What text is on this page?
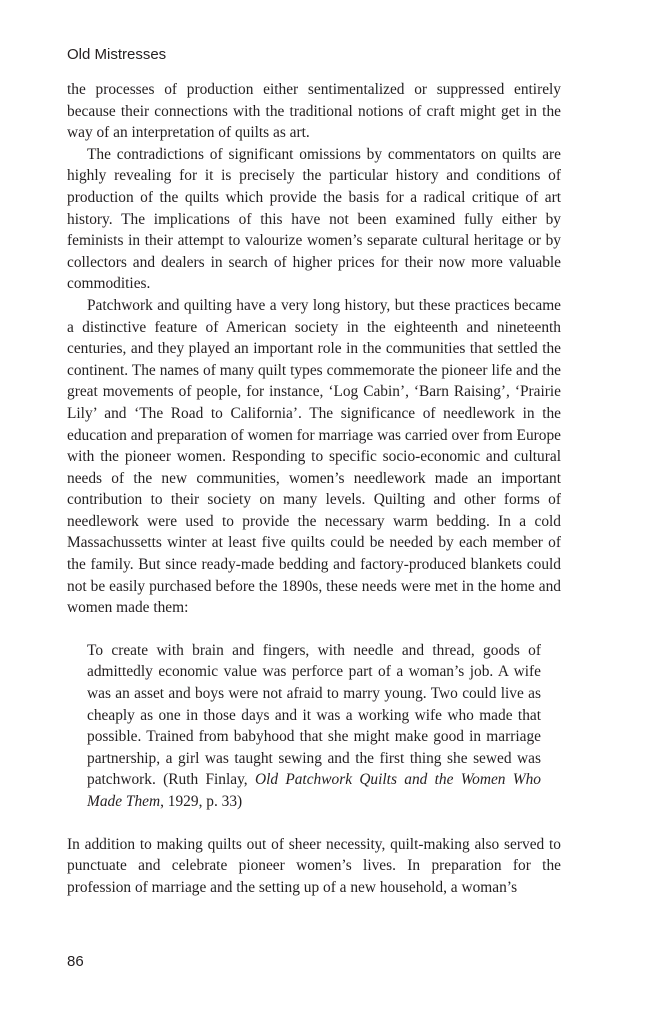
Old Mistresses

the processes of production either sentimentalized or suppressed entirely because their connections with the traditional notions of craft might get in the way of an interpretation of quilts as art.

The contradictions of significant omissions by commentators on quilts are highly revealing for it is precisely the particular history and conditions of production of the quilts which provide the basis for a radical critique of art history. The implications of this have not been examined fully either by feminists in their attempt to valourize women’s separate cultural heritage or by collectors and dealers in search of higher prices for their now more valuable commodities.

Patchwork and quilting have a very long history, but these practices became a distinctive feature of American society in the eighteenth and nineteenth centuries, and they played an important role in the communities that settled the continent. The names of many quilt types commemorate the pioneer life and the great movements of people, for instance, ‘Log Cabin’, ‘Barn Raising’, ‘Prairie Lily’ and ‘The Road to California’. The significance of needlework in the education and preparation of women for marriage was carried over from Europe with the pioneer women. Responding to specific socio-economic and cultural needs of the new communities, women’s needlework made an important contribution to their society on many levels. Quilting and other forms of needlework were used to provide the necessary warm bedding. In a cold Massachussetts winter at least five quilts could be needed by each member of the family. But since ready-made bedding and factory-produced blankets could not be easily purchased before the 1890s, these needs were met in the home and women made them:

To create with brain and fingers, with needle and thread, goods of admittedly economic value was perforce part of a woman’s job. A wife was an asset and boys were not afraid to marry young. Two could live as cheaply as one in those days and it was a working wife who made that possible. Trained from babyhood that she might make good in marriage partnership, a girl was taught sewing and the first thing she sewed was patchwork. (Ruth Finlay, Old Patchwork Quilts and the Women Who Made Them, 1929, p. 33)

In addition to making quilts out of sheer necessity, quilt-making also served to punctuate and celebrate pioneer women’s lives. In preparation for the profession of marriage and the setting up of a new household, a woman’s

86
